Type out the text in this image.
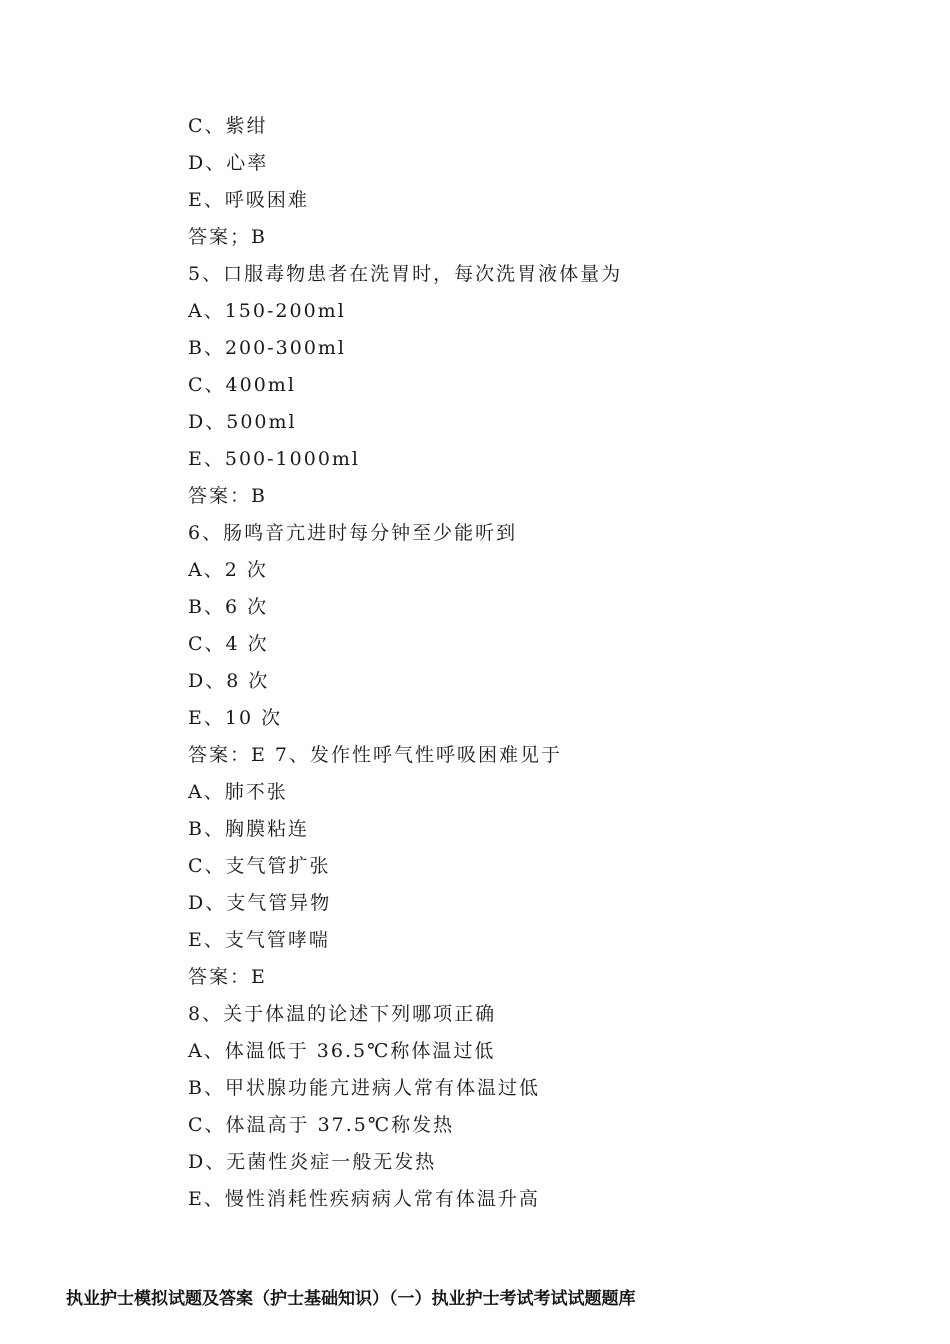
C、紫绀
D、心率
E、呼吸困难
答案；B
5、口服毒物患者在洗胃时，每次洗胃液体量为
A、150-200ml
B、200-300ml
C、400ml
D、500ml
E、500-1000ml
答案：B
6、肠鸣音亢进时每分钟至少能听到
A、2 次
B、6 次
C、4 次
D、8 次
E、10 次
答案：E 7、发作性呼气性呼吸困难见于
A、肺不张
B、胸膜粘连
C、支气管扩张
D、支气管异物
E、支气管哮喘
答案：E
8、关于体温的论述下列哪项正确
A、体温低于 36.5℃称体温过低
B、甲状腺功能亢进病人常有体温过低
C、体温高于 37.5℃称发热
D、无菌性炎症一般无发热
E、慢性消耗性疾病病人常有体温升高
执业护士模拟试题及答案（护士基础知识）（一）执业护士考试考试试题题库
